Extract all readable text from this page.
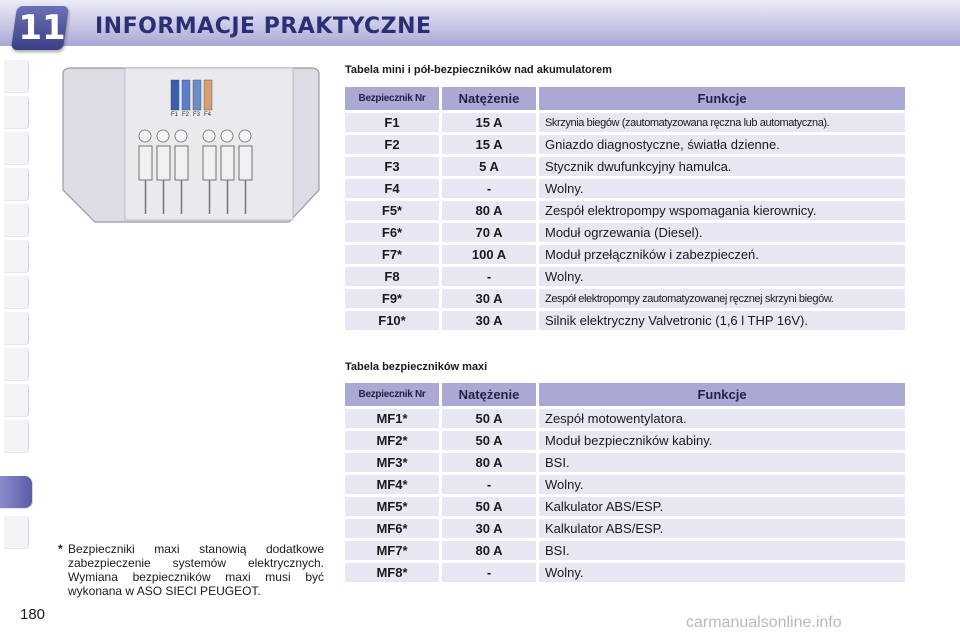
11 INFORMACJE PRAKTYCZNE
F1 F2 F3 F4
Tabela mini i pół-bezpieczników nad akumulatorem
Bezpiecznik Nr	Natężenie	Funkcje
F1	15 A	Skrzynia biegów (zautomatyzowana ręczna lub automatyczna).
F2	15 A	Gniazdo diagnostyczne, światła dzienne.
F3	5 A	Stycznik dwufunkcyjny hamulca.
F4	-	Wolny.
F5*	80 A	Zespół elektropompy wspomagania kierownicy.
F6*	70 A	Moduł ogrzewania (Diesel).
F7*	100 A	Moduł przełączników i zabezpieczeń.
F8	-	Wolny.
F9*	30 A	Zespół elektropompy zautomatyzowanej ręcznej skrzyni biegów.
F10*	30 A	Silnik elektryczny Valvetronic (1,6 l THP 16V).
Tabela bezpieczników maxi
Bezpiecznik Nr	Natężenie	Funkcje
MF1*	50 A	Zespół motowentylatora.
MF2*	50 A	Moduł bezpieczników kabiny.
MF3*	80 A	BSI.
MF4*	-	Wolny.
MF5*	50 A	Kalkulator ABS/ESP.
MF6*	30 A	Kalkulator ABS/ESP.
MF7*	80 A	BSI.
MF8*	-	Wolny.
* Bezpieczniki maxi stanowią dodatkowe zabezpieczenie systemów elektrycznych. Wymiana bezpieczników maxi musi być wykonana w ASO SIECI PEUGEOT.
180	carmanualsonline.info
